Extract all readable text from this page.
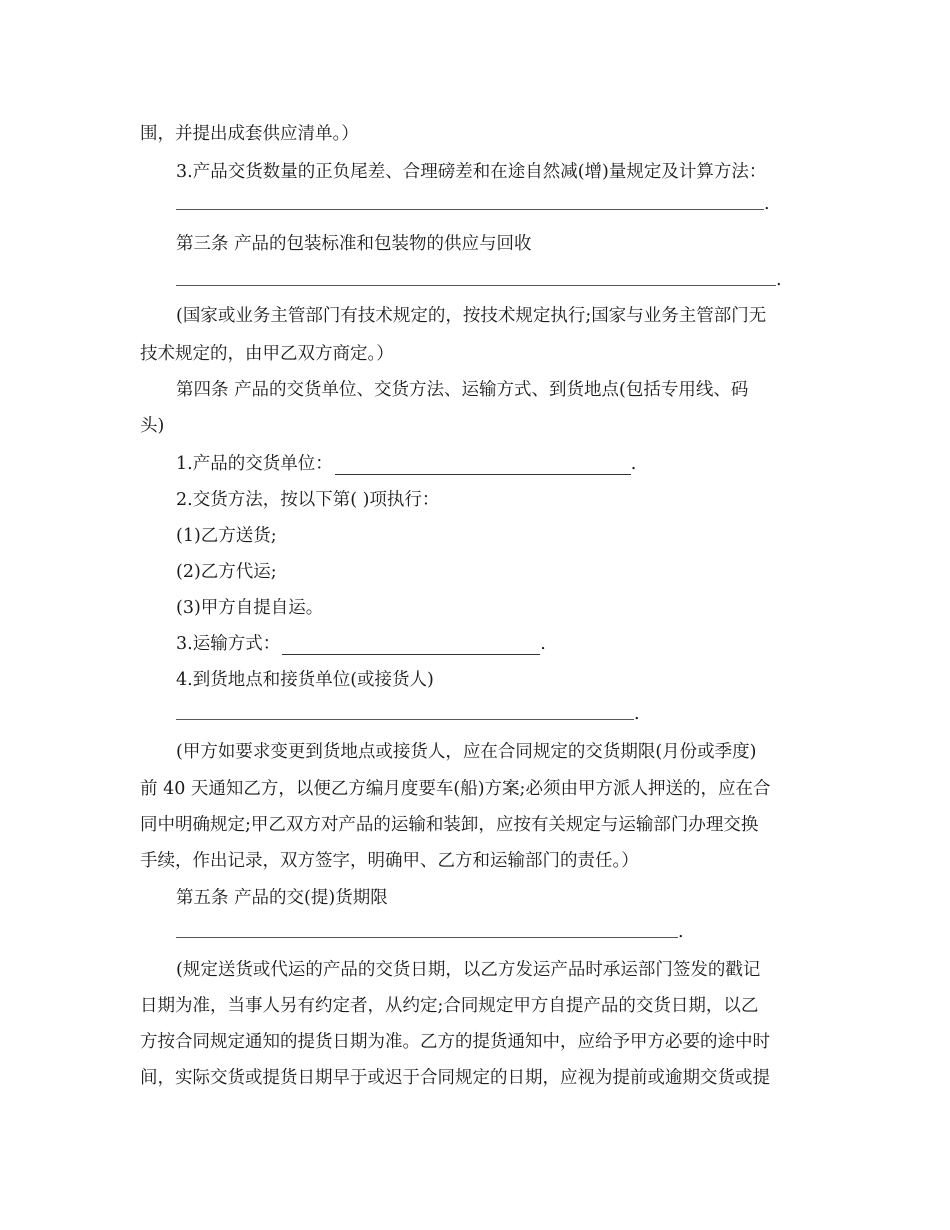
围，并提出成套供应清单。）
3.产品交货数量的正负尾差、合理磅差和在途自然减(增)量规定及计算方法：
.
第三条 产品的包装标准和包装物的供应与回收
.
(国家或业务主管部门有技术规定的，按技术规定执行;国家与业务主管部门无
技术规定的，由甲乙双方商定。）
第四条 产品的交货单位、交货方法、运输方式、到货地点(包括专用线、码
头)
1.产品的交货单位：	.
2.交货方法，按以下第( )项执行：
(1)乙方送货;
(2)乙方代运;
(3)甲方自提自运。
3.运输方式：	.
4.到货地点和接货单位(或接货人)
.
(甲方如要求变更到货地点或接货人，应在合同规定的交货期限(月份或季度)
前 40 天通知乙方，以便乙方编月度要车(船)方案;必须由甲方派人押送的，应在合
同中明确规定;甲乙双方对产品的运输和装卸，应按有关规定与运输部门办理交换
手续，作出记录，双方签字，明确甲、乙方和运输部门的责任。）
第五条 产品的交(提)货期限
.
(规定送货或代运的产品的交货日期，以乙方发运产品时承运部门签发的戳记
日期为准，当事人另有约定者，从约定;合同规定甲方自提产品的交货日期，以乙
方按合同规定通知的提货日期为准。乙方的提货通知中，应给予甲方必要的途中时
间，实际交货或提货日期早于或迟于合同规定的日期，应视为提前或逾期交货或提
